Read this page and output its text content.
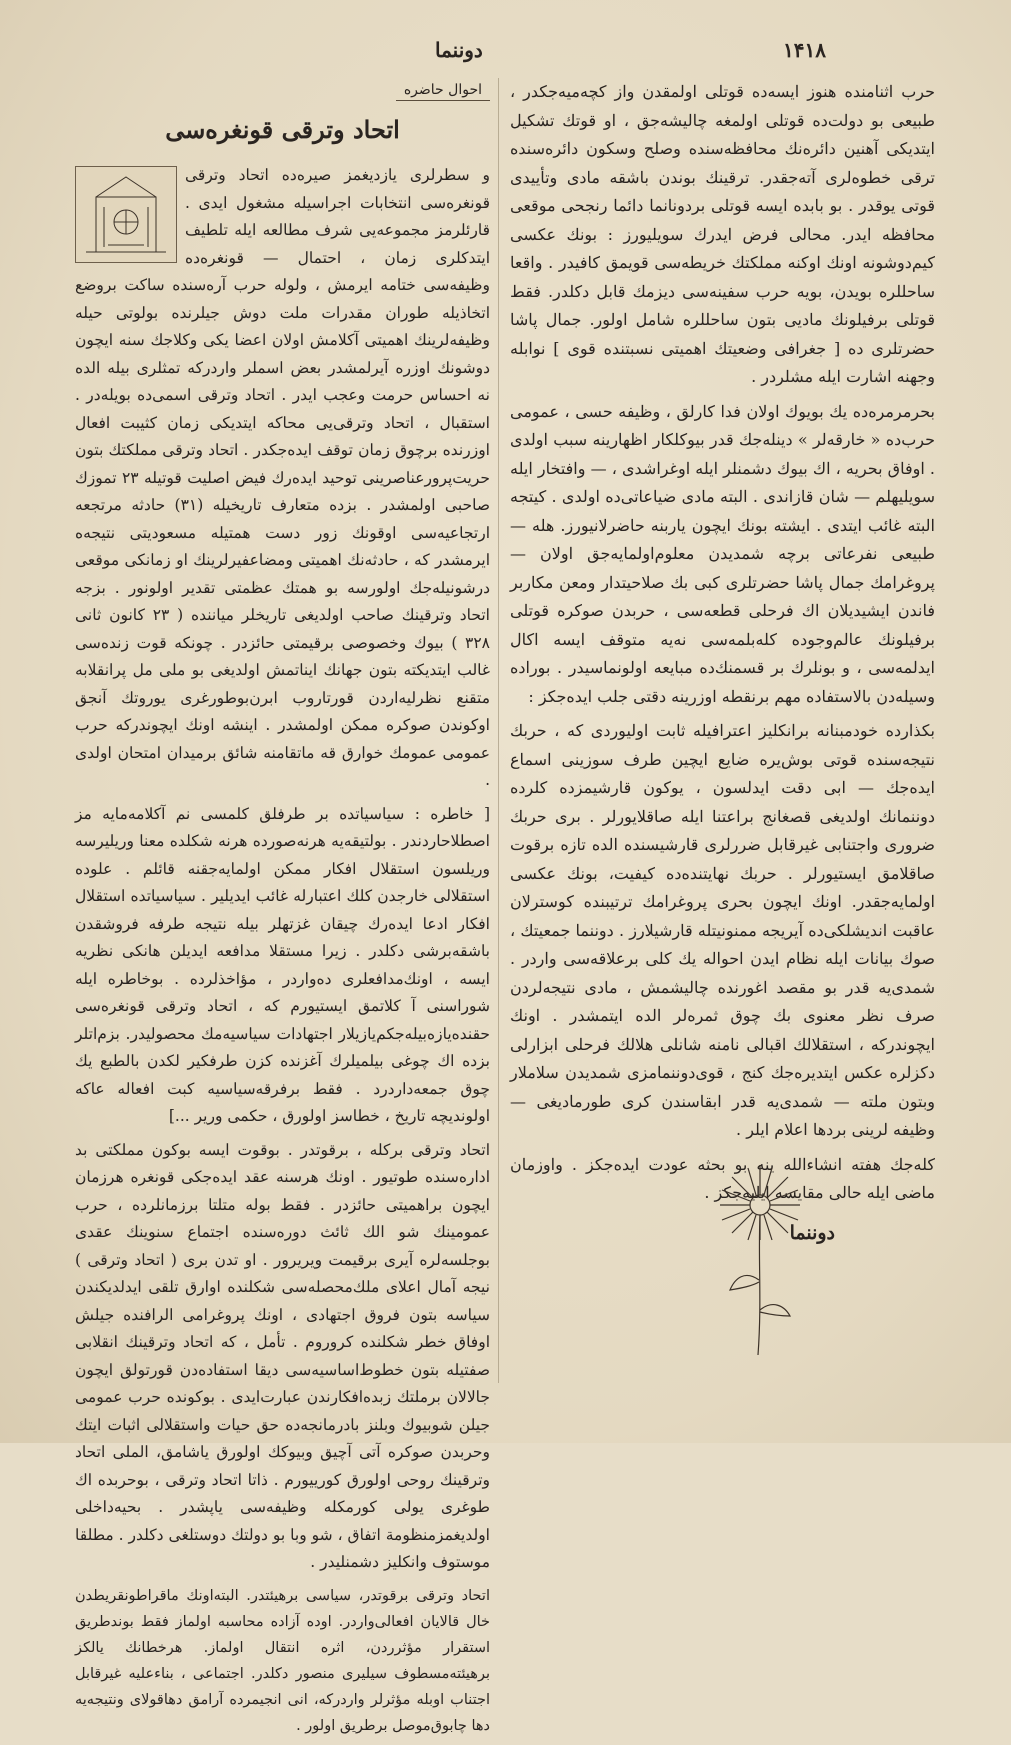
دوننما	۱۴۱۸

حرب اثنامنده هنوز ایسه‌ده قوتلی اولمقدن واز کچه‌میه‌جکدر ، طبیعی بو دولت‌ده قوتلی اولمغه چالیشه‌جق ، او قوتك تشکیل ایتدیکی آهنین دائره‌نك محافظه‌سنده وصلح وسکون دائره‌سنده ترقی خطوه‌لری آته‌جقدر. ترقینك بوندن باشقه مادی وتأییدی قوتی یوقدر . بو بابده ایسه قوتلی بردونانما دائما رنجحی موقعی محافظه ایدر. محالی فرض ایدرك سویلیورز : بونك عکسی کیم‌دوشونه اونك اوکنه مملکتك خریطه‌سی قویمق کافیدر . واقعا ساحللره بویدن، بویه حرب سفینه‌سی دیزمك قابل دکلدر. فقط قوتلی برفیلونك مادیی بتون ساحللره شامل اولور. جمال پاشا حضرتلری ده [ جغرافی وضعیتك اهمیتی نسبتنده قوی ] نوابله وجهنه اشارت ایله مشلردر .

بحر‌مرمره‌ده یك بویوك اولان فدا کارلق ، وظیفه حسی ، عمومی حرب‌ده « خارقه‌لر » دینله‌جك قدر بیوکلکار اظهارینه سبب اولدی . اوفاق بحریه ، اك بیوك دشمنلر ایله اوغراشدی ، — وافتخار ایله سویلیهلم — شان قازاندی . البته مادی ضیاعاتی‌ده اولدی . کیتجه البته غائب ایتدی . ایشته بونك ایچون یاربنه حاضرلانیورز. هله — طبیعی‌ نفرعاتی برچه شمدیدن معلوم‌اولمایه‌جق اولان — پروغرامك جمال پاشا حضرتلری کبی بك صلاحیتدار ومعن‌ مکاربر فاندن ایشیدیلان اك فرحلی قطعه‌سی ، حربدن صوکره قوتلی برفیلونك عالم‌وجوده کله‌بلمه‌سی نه‌یه متوقف ایسه اکال ایدلمه‌سی ، و بونلرك بر قسمنك‌ده مبایعه اولونماسیدر . بوراده وسیله‌دن بالاستفاده مهم برنقطه اوزرینه دقتی جلب ایده‌جکز :

بکذارده خودمبنانه برانکلیز اعترافیله ثابت اولیوردی که ، حربك نتیجه‌سنده قوتی بوش‌یره ضایع ایچین طرف سوزینی اسماع ایده‌جك — ابی دقت ایدلسون ، یوکون قارشیمزده کلرده دوننمانك اولدیغی قصغانج براعتنا ایله صاقلایورلر . بری حربك ضروری واجتنابی غیرقابل ضررلری قارشیسنده الده تازه برقوت صاقلامق ایستیورلر . حربك نهایتنده‌ده کیفیت، بونك عکسی اولمایه‌جقدر. اونك ایچون بحری پروغرامك ترتیبنده کوسترلان عاقبت اندیشلکی‌ده آیریجه ممنونیتله قارشیلارز . دوننما جمعیتك ، صوك بیانات ایله نظام ایدن احواله یك کلی برعلاقه‌سی واردر . شمدی‌یه قدر بو مقصد اغورنده چالیشمش ، مادی نتیجه‌لردن صرف نظر معنوی بك چوق ثمره‌لر الده ایتمشدر . اونك ایچوندرکه ، استقلالك اقبالی نامنه شانلی هلالك فرحلی ابزارلی دکزلره عکس ایتدیره‌جك کنج ، قوی‌دوننمامزی شمدیدن سلاملار وبتون ملته — شمدی‌یه قدر ابقاسندن کری طورمادیغی — وظیفه‌ لرینی بردها اعلام ایلر .

کله‌جك هفته انشاءالله ینه بو بحثه عودت ایده‌جکز . واوزمان ماضی ایله حالی مقایسه ایلیه‌جکز .

دوننما
احوال حاضره
اتحاد وترقی قونغره‌سی

و سطرلری یازدیغمز صیره‌ده اتحاد وترقی قونغره‌سی انتخابات اجراسیله مشغول ایدی . قارئلرمز مجموعه‌یی شرف مطالعه ایله تلطیف ایتدکلری زمان ، احتمال — قونغره‌ده وظیفه‌سی ختامه ایرمش ، ولوله حرب آره‌سنده ساکت بروضع اتخاذیله طوران مقدرات ملت دوش جیلرنده بولوتی حیله وظیفه‌لرینك اهمیتی آکلامش اولان اعضا یکی وکلاجك سنه ایچون دوشونك اوزره آیرلمشدر بعض اسملر واردرکه تمثلری بیله الده نه احساس حرمت وعجب ایدر . اتحاد وترقی‌ اسمی‌ده بویله‌در . استقبال ، اتحاد وترقی‌یی محاکه ایتدیکی زمان کثیبت افعال اوزرنده برچوق زمان توقف ایده‌جکدر . اتحاد وترقی مملکتك بتون حریت‌پرورعناصرینی توحید ایده‌رك فیض اصلیت قوتیله ۲۳ تموزك صاحبی اولمشدر . بزده متعارف تاریخیله (۳۱) حادثه مرتجعه ارتجاعیه‌سی اوقونك زور دست همتیله مسعودیتی نتیجه‌ه ایرمشدر که ، حادثه‌نك اهمیتی‌ ومضاعفیرلرینك او زمانکی موقعی درشونیله‌جك اولورسه بو همتك عظمتی تقدیر اولونور . بزجه اتحاد وترقینك صاحب اولدیغی تاریخلر میاننده ( ۲۳ کانون ثانی ۳۲۸ ) بیوك وخصوصی برقیمتی حائزدر . چونکه قوت زنده‌سی غالب ایتدیکته بتون جهانك ایناتمش اولدیغی بو ملی مل پرانقلابه متقنع نظرلیه‌اردن قورتاروب ابرن‌بوطورغری یوروتك آنجق اوکوندن صوکره ممکن اولمشدر . اینشه اونك ایچوندرکه حرب عمومی عمومك خوارق قه ماتقامنه شائق برمیدان امتحان اولدی .

[ خاطره : سیاسیاتده بر طرفلق کلمسی نم آکلامه‌مایه‌ مز اصطلاحاردندر . بولتیقه‌یه هرنه‌صورده هرنه شکلده معنا وریلیرسه وریلسون استقلال افکار ممکن اولمایه‌جقنه قائلم . علوده استقلالی خارجدن كلك اعتبارله غائب ایدیلیر . سیاسیاتده استقلال افکار ادعا ایده‌رك چیقان غزتهلر بیله نتیجه طرفه فروشقدن باشقه‌برشی دکلدر . زیرا مستقلا مدافعه ایدیلن هانکی نظریه ایسه ، اونك‌مدافعلری ده‌واردر ، مؤاخذلرد‌ه . بوخاطره ایله شوراسنی آ کلاتمق ایستیورم که ، اتحاد وترقی قونغره‌سی حقنده‌یازه‌بیله‌جکم‌یازیلار اجتهادات سیاسیه‌مك محصولیدر. بزم‌اتلر بزده اك چوغی بیلمیلرك آغزنده کزن طرفکیر لکدن بالطبع یك چوق جمعه‌دار‌درد . فقط برفرقه‌سیاسیه کبت افعاله عاکه اولوندیچه تاریخ ، خطاسز اولورق ، حکمی وریر ...]

اتحاد وترقی برکله ، برقوتدر . بوقوت ایسه بوکون مملکتی بد اداره‌سنده طوتیور . اونك هرسنه عقد ایده‌جکی قونغره هرزمان ایچون براهمیتی حائزدر . فقط بوله متلتا برزمانلرده ، حرب عمومینك شو الك ثائث دوره‌سنده اجتماع سنوینك عقدی بوجلسه‌لره آیری برقیمت ویریرور . او تدن‌ بری ( اتحاد وترقی ) نیجه آمال اعلای ملك‌محصله‌سی شکلنده اوارق تلقی ایدلدیکندن سیاسه بتون فروق اجتهادی ، اونك پروغرامی‌ الرافنده جیلش اوفاق خطر شکلنده کروروم . تأمل ، که اتحاد وترقینك انقلابی صفتیله بتون خطوط‌اساسیه‌سی دیقا استفاده‌دن قورتولق ایچون جالالان برملتك زبده‌افکارندن عبارت‌ایدی . بوکونده حرب عمومی جیلن شوبیوك وبلنز بادرمانجه‌ده حق حیات واستقلالی اثبات ایتك وحربدن صوکره آتی آچیق وبیوکك اولورق یاشامق، الملی اتحاد وترقینك روحی اولورق کورییورم . ذاتا اتحاد وترقی ، بوحربده اك طوغری یولی کورمکله وظیفه‌سی یاپشدر . بحیه‌داخلی اولدیغمزمنظومة اتفاق ، شو وبا بو دولتك دوستلغی دکلدر . مطلقا موستوف وانکلیز دشمنلیدر .

اتحاد وترقی برقوتدر، سیاسی برهیئتدر. البته‌اونك ماقراطونقریطدن خال قالایان افعالی‌واردر. اوده آزاده محاسبه اولماز فقط بوندطریق استقرار مؤثرردن، اثره انتقال اولماز. هرخطانك یالکز برهیئته‌مسطوف سیلیری منصور دکلدر. اجتماعی ، بناءعلیه غیرقابل اجتناب اوبله مؤثرلر واردرکه، انی انجیمرده آرامق دهاقولای ونتیجه‌یه دها چابوق‌موصل برطریق اولور .
